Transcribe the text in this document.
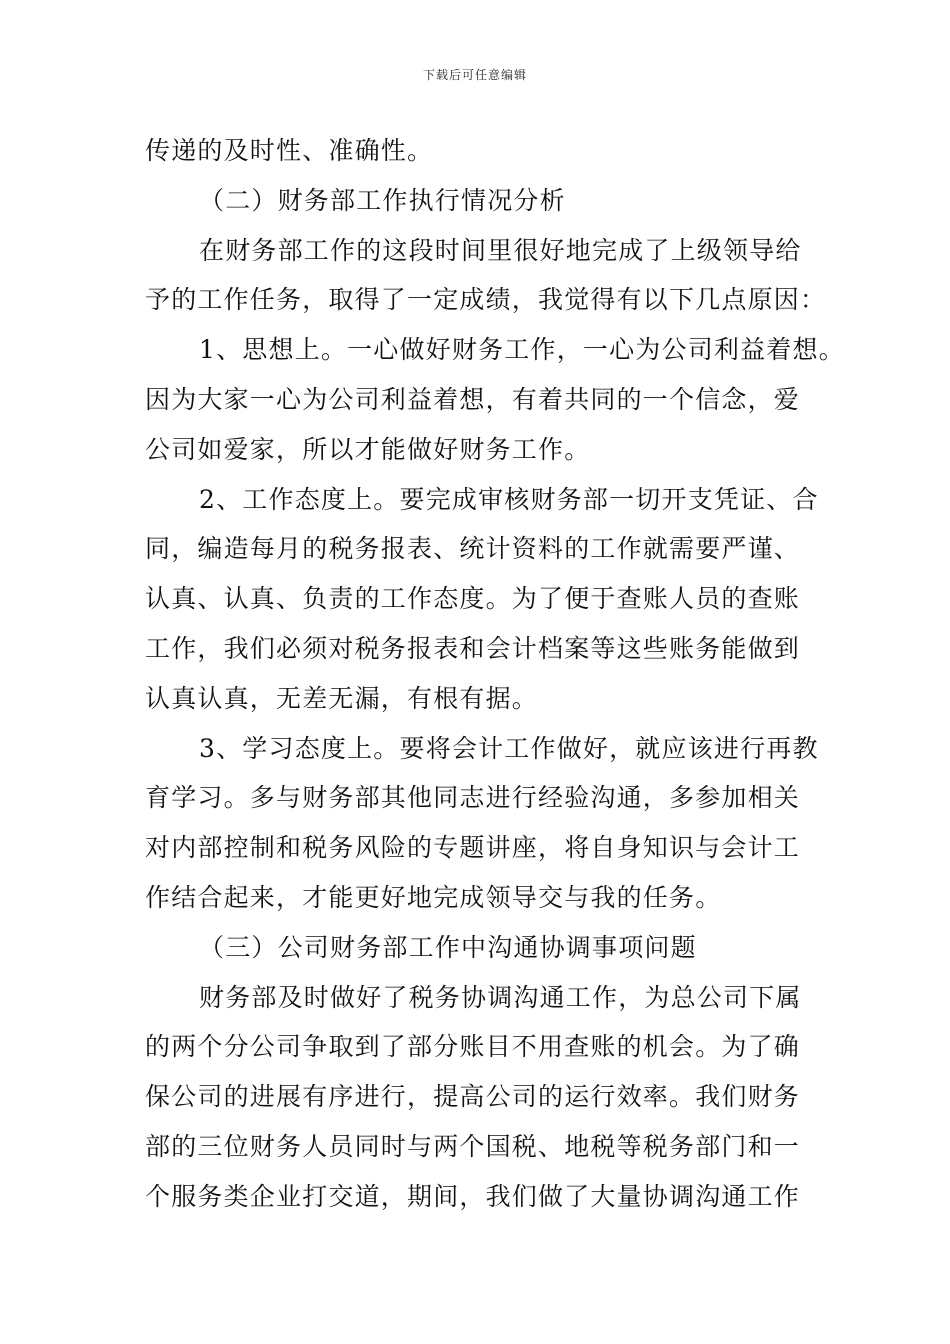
下载后可任意编辑
传递的及时性、准确性。
（二）财务部工作执行情况分析
在财务部工作的这段时间里很好地完成了上级领导给
予的工作任务，取得了一定成绩，我觉得有以下几点原因：
1、思想上。一心做好财务工作，一心为公司利益着想。
因为大家一心为公司利益着想，有着共同的一个信念，爱
公司如爱家，所以才能做好财务工作。
2、工作态度上。要完成审核财务部一切开支凭证、合
同，编造每月的税务报表、统计资料的工作就需要严谨、
认真、认真、负责的工作态度。为了便于查账人员的查账
工作，我们必须对税务报表和会计档案等这些账务能做到
认真认真，无差无漏，有根有据。
3、学习态度上。要将会计工作做好，就应该进行再教
育学习。多与财务部其他同志进行经验沟通，多参加相关
对内部控制和税务风险的专题讲座，将自身知识与会计工
作结合起来，才能更好地完成领导交与我的任务。
（三）公司财务部工作中沟通协调事项问题
财务部及时做好了税务协调沟通工作，为总公司下属
的两个分公司争取到了部分账目不用查账的机会。为了确
保公司的进展有序进行，提高公司的运行效率。我们财务
部的三位财务人员同时与两个国税、地税等税务部门和一
个服务类企业打交道，期间，我们做了大量协调沟通工作
